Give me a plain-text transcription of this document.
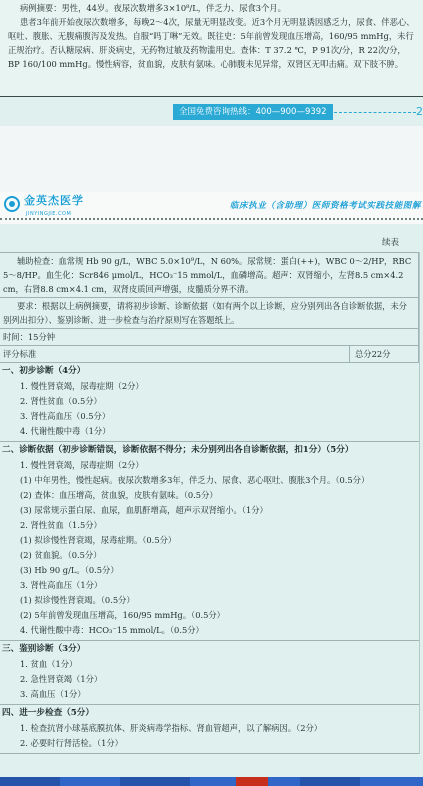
病例摘要：男性，44岁。夜尿次数增多3×10⁸/L，伴乏力、尿食3个月。

患者3年前开始夜尿次数增多，每晚2～4次，尿量无明显改变。近3个月无明显诱因感乏力，尿食、伴恶心、呕吐、腹胀、无腹痛腹泻及发热。自服“吗丁啉”无效。既往史：5年前曾发现血压增高，160/95 mmHg，未行正规治疗。否认糖尿病、肝炎病史，无药物过敏及药物滥用史。查体：T 37.2 ℃，P 91次/分，R 22次/分，BP 160/100 mmHg。慢性病容，贫血貌，皮肤有氨味。心肺腹未见异常，双肾区无叩击痛。双下肢不肿。

全国免费咨询热线：400—900—9392	2
金英杰医学
JINYINGJIE.COM
临床执业（含助理）医师资格考试实践技能图解
续表

辅助检查：血常规 Hb 90 g/L，WBC 5.0×10⁹/L，N 60%。尿常规：蛋白(++)，WBC 0～2/HP，RBC 5～8/HP。血生化：Scr846 μmol/L，HCO₃⁻15 mmol/L，血磷增高。超声：双肾缩小，左肾8.5 cm×4.2 cm，右肾8.8 cm×4.1 cm，双肾皮质回声增强，皮髓质分界不清。

要求：根据以上病例摘要，请将初步诊断、诊断依据（如有两个以上诊断，应分别列出各自诊断依据，未分别列出扣分）、鉴别诊断、进一步检查与治疗原则写在答题纸上。

时间：15分钟
评分标准	总分22分
一、初步诊断（4分）
1. 慢性肾衰竭，尿毒症期（2分）
2. 肾性贫血（0.5分）
3. 肾性高血压（0.5分）
4. 代谢性酸中毒（1分）
二、诊断依据（初步诊断错误，诊断依据不得分；未分别列出各自诊断依据，扣1分）（5分）
1. 慢性肾衰竭，尿毒症期（2分）
(1) 中年男性，慢性起病。夜尿次数增多3年，伴乏力、尿食、恶心呕吐、腹胀3个月。（0.5分）
(2) 查体：血压增高，贫血貌，皮肤有氨味。（0.5分）
(3) 尿常规示蛋白尿、血尿，血肌酐增高，超声示双肾缩小。（1分）
2. 肾性贫血（1.5分）
(1) 拟诊慢性肾衰竭，尿毒症期。（0.5分）
(2) 贫血貌。（0.5分）
(3) Hb 90 g/L。（0.5分）
3. 肾性高血压（1分）
(1) 拟诊慢性肾衰竭。（0.5分）
(2) 5年前曾发现血压增高，160/95 mmHg。（0.5分）
4. 代谢性酸中毒：HCO₃⁻15 mmol/L。（0.5分）
三、鉴别诊断（3分）
1. 贫血（1分）
2. 急性肾衰竭（1分）
3. 高血压（1分）
四、进一步检查（5分）
1. 检查抗肾小球基底膜抗体、肝炎病毒学指标、肾血管超声，以了解病因。（2分）
2. 必要时行肾活检。（1分）
